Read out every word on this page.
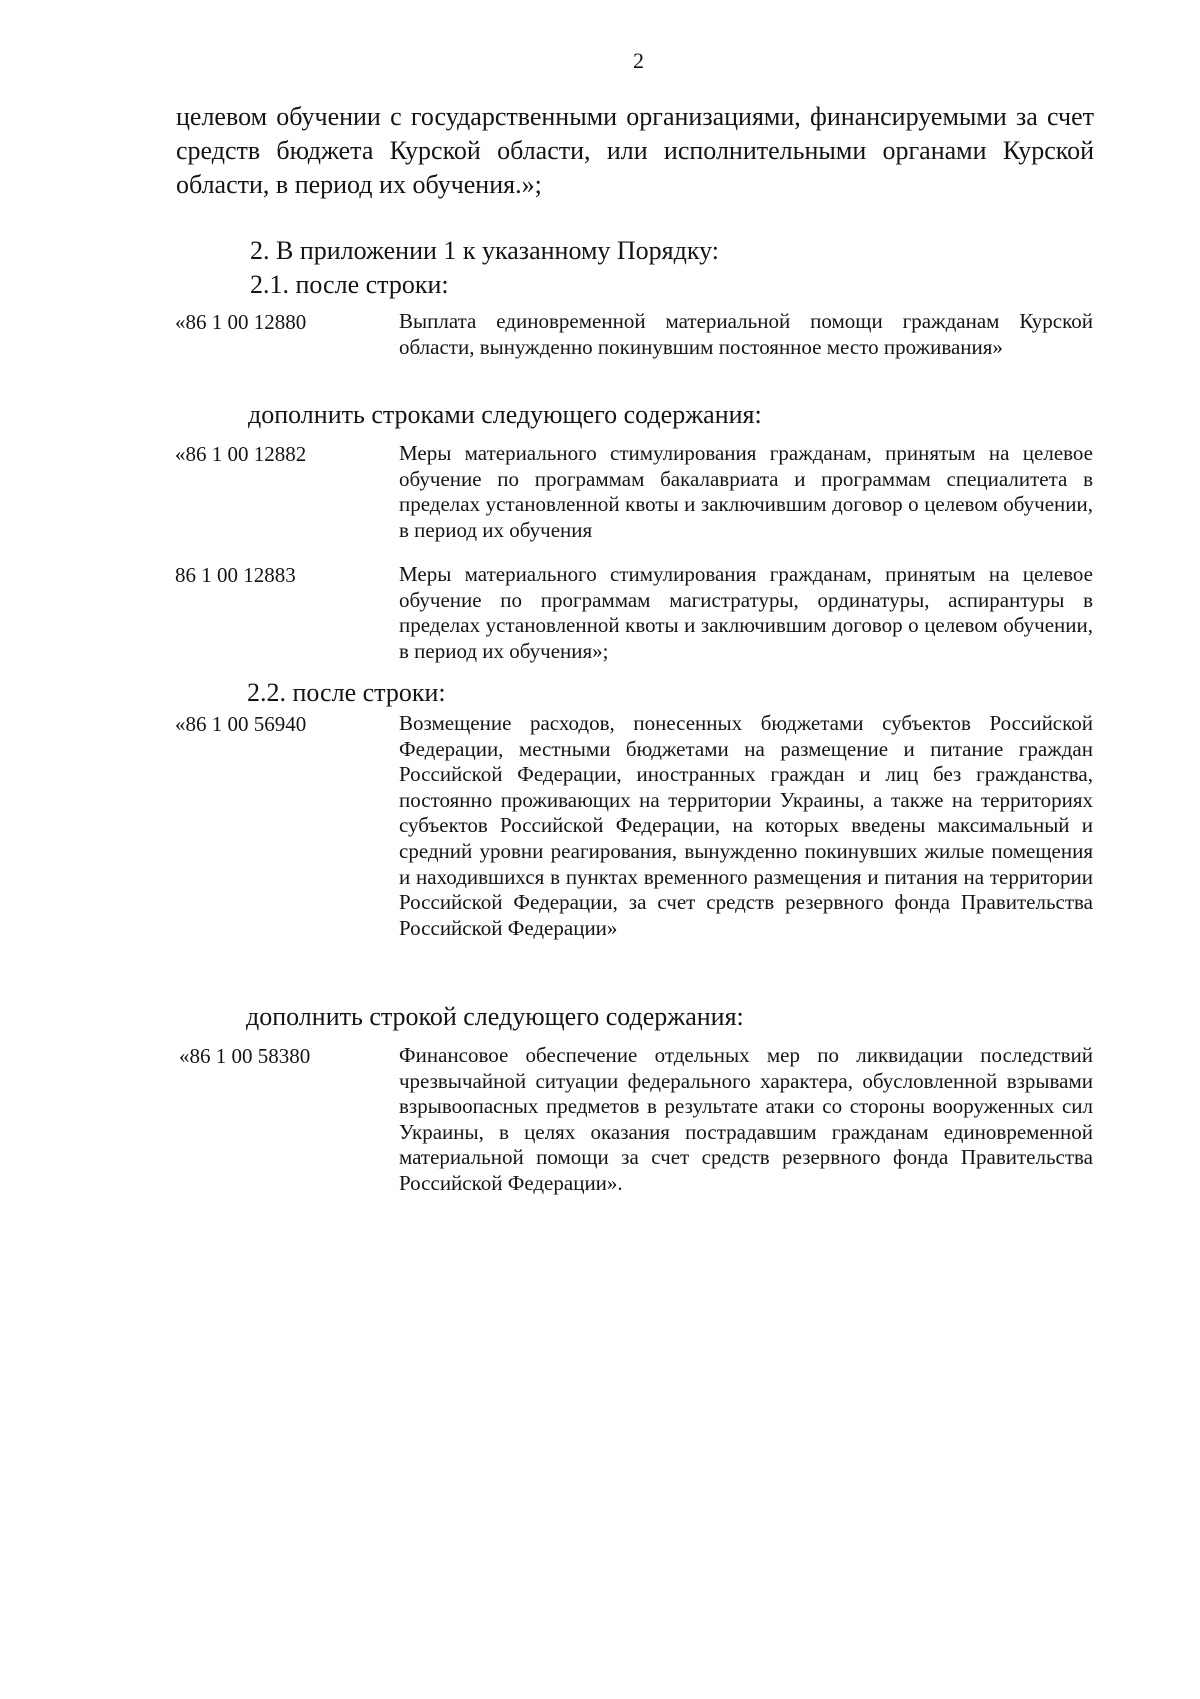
2
целевом обучении с государственными организациями, финансируемыми за счет средств бюджета Курской области, или исполнительными органами Курской области, в период их обучения.»;
2. В приложении 1 к указанному Порядку:
2.1. после строки:
«86 1 00 12880	Выплата единовременной материальной помощи гражданам Курской области, вынужденно покинувшим постоянное место проживания»
дополнить строками следующего содержания:
«86 1 00 12882	Меры материального стимулирования гражданам, принятым на целевое обучение по программам бакалавриата и программам специалитета в пределах установленной квоты и заключившим договор о целевом обучении, в период их обучения
86 1 00 12883	Меры материального стимулирования гражданам, принятым на целевое обучение по программам магистратуры, ординатуры, аспирантуры в пределах установленной квоты и заключившим договор о целевом обучении, в период их обучения»;
2.2. после строки:
«86 1 00 56940	Возмещение расходов, понесенных бюджетами субъектов Российской Федерации, местными бюджетами на размещение и питание граждан Российской Федерации, иностранных граждан и лиц без гражданства, постоянно проживающих на территории Украины, а также на территориях субъектов Российской Федерации, на которых введены максимальный и средний уровни реагирования, вынужденно покинувших жилые помещения и находившихся в пунктах временного размещения и питания на территории Российской Федерации, за счет средств резервного фонда Правительства Российской Федерации»
дополнить строкой следующего содержания:
«86 1 00 58380	Финансовое обеспечение отдельных мер по ликвидации последствий чрезвычайной ситуации федерального характера, обусловленной взрывами взрывоопасных предметов в результате атаки со стороны вооруженных сил Украины, в целях оказания пострадавшим гражданам единовременной материальной помощи за счет средств резервного фонда Правительства Российской Федерации».
